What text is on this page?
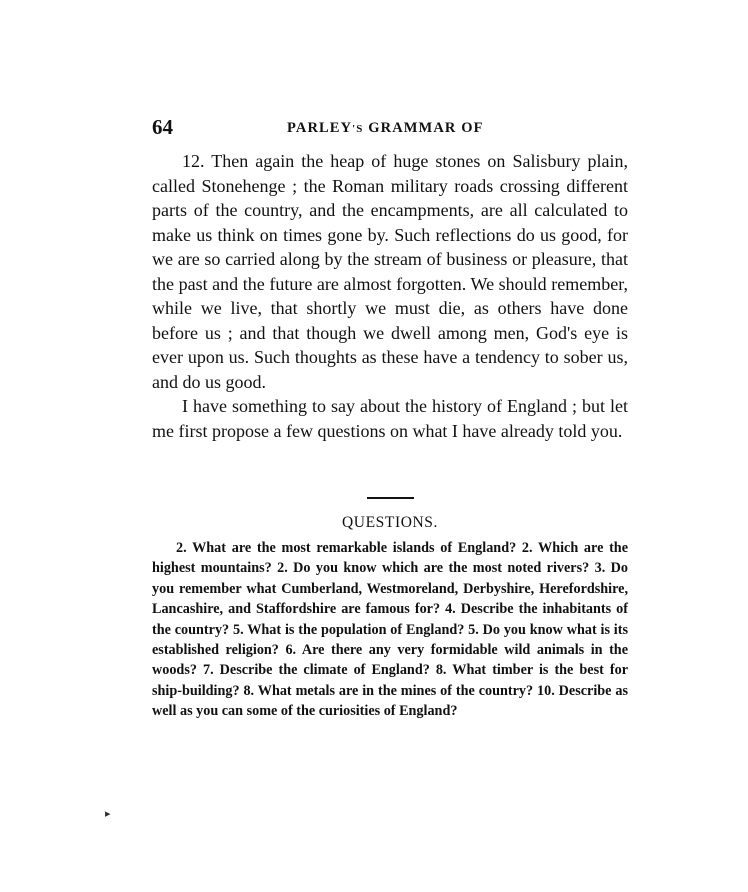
64	PARLEY'S GRAMMAR OF

12. Then again the heap of huge stones on Salisbury plain, called Stonehenge ; the Roman military roads crossing different parts of the country, and the encampments, are all calculated to make us think on times gone by. Such reflections do us good, for we are so carried along by the stream of business or pleasure, that the past and the future are almost forgotten. We should remember, while we live, that shortly we must die, as others have done before us ; and that though we dwell among men, God's eye is ever upon us. Such thoughts as these have a tendency to sober us, and do us good.

I have something to say about the history of England ; but let me first propose a few questions on what I have already told you.

QUESTIONS.

2. What are the most remarkable islands of England? 2. Which are the highest mountains? 2. Do you know which are the most noted rivers? 3. Do you remember what Cumberland, Westmoreland, Derbyshire, Herefordshire, Lancashire, and Staffordshire are famous for? 4. Describe the inhabitants of the country? 5. What is the population of England? 5. Do you know what is its established religion? 6. Are there any very formidable wild animals in the woods? 7. Describe the climate of England? 8. What timber is the best for ship-building? 8. What metals are in the mines of the country? 10. Describe as well as you can some of the curiosities of England?

▸
